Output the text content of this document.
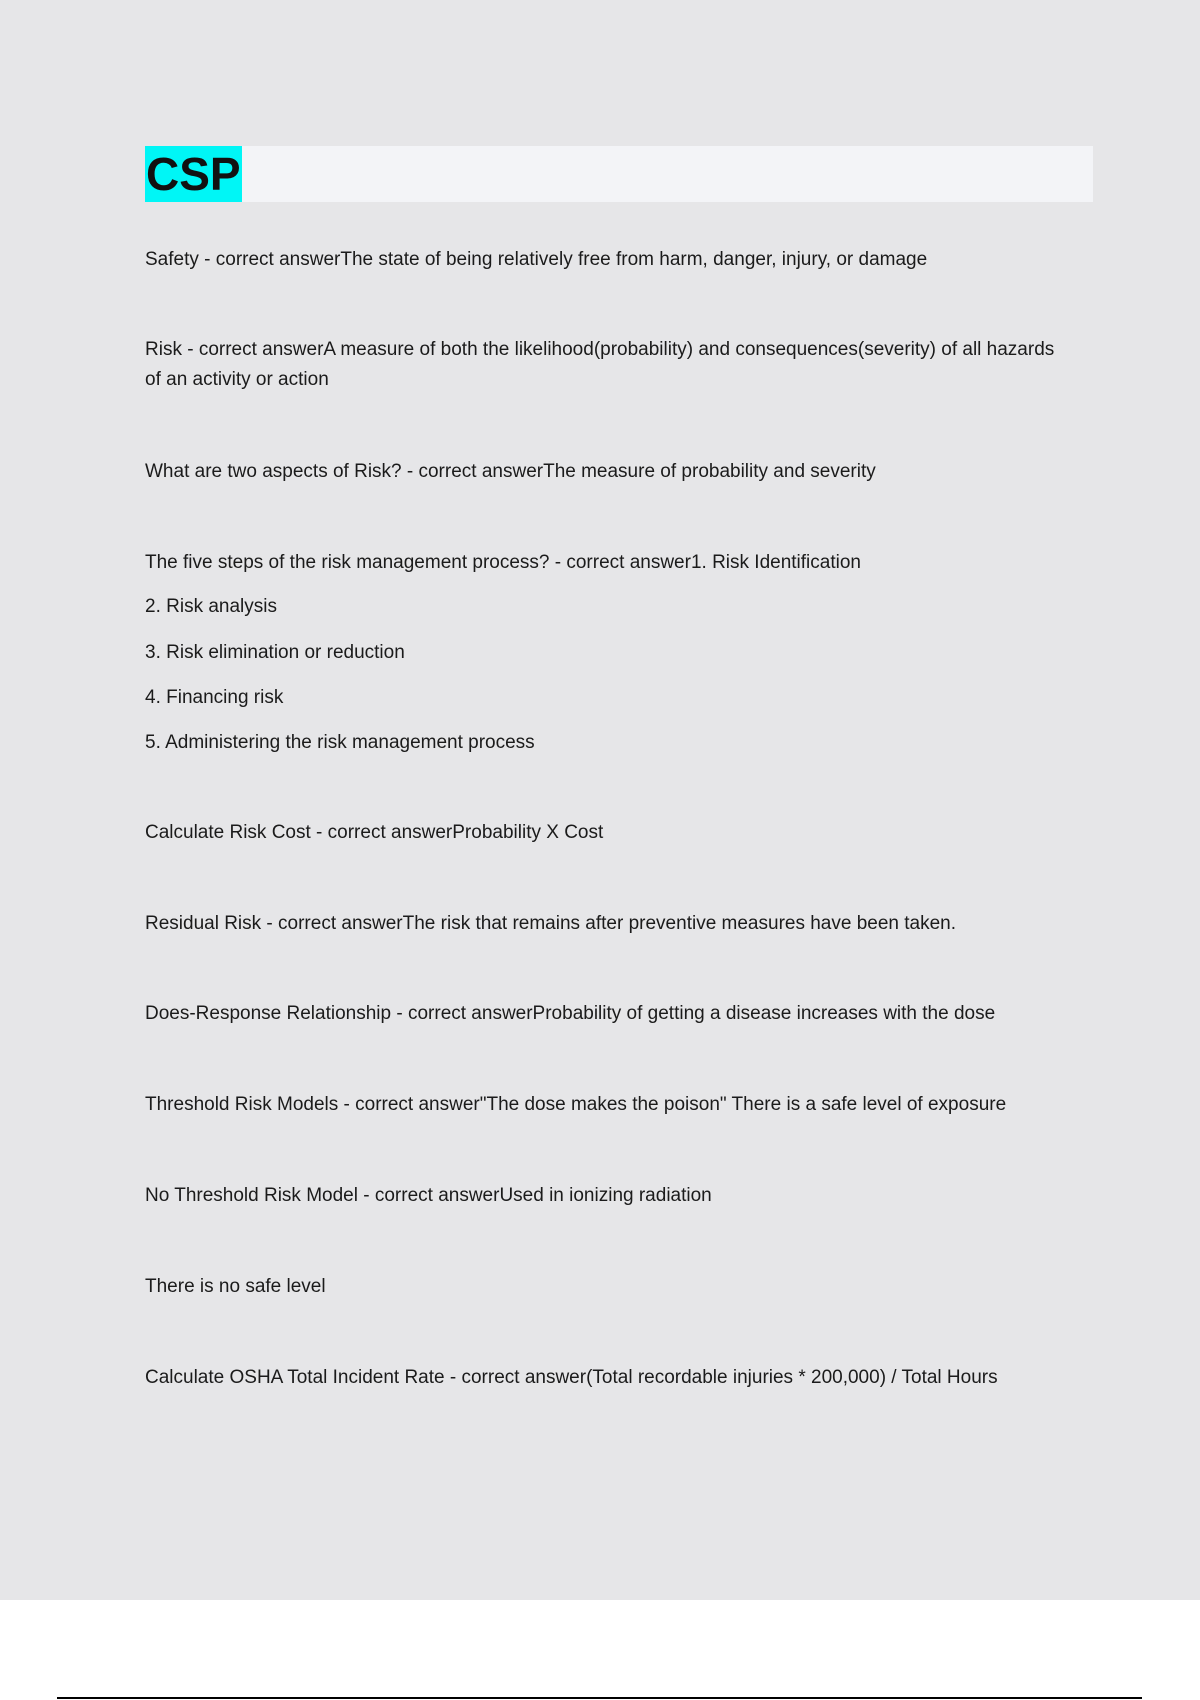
CSP

Safety - correct answerThe state of being relatively free from harm, danger, injury, or damage

Risk - correct answerA measure of both the likelihood(probability) and consequences(severity) of all hazards of an activity or action

What are two aspects of Risk? - correct answerThe measure of probability and severity

The five steps of the risk management process? - correct answer1. Risk Identification

2. Risk analysis

3. Risk elimination or reduction

4. Financing risk

5. Administering the risk management process

Calculate Risk Cost - correct answerProbability X Cost

Residual Risk - correct answerThe risk that remains after preventive measures have been taken.

Does-Response Relationship - correct answerProbability of getting a disease increases with the dose

Threshold Risk Models - correct answer"The dose makes the poison" There is a safe level of exposure

No Threshold Risk Model - correct answerUsed in ionizing radiation

There is no safe level

Calculate OSHA Total Incident Rate - correct answer(Total recordable injuries * 200,000) / Total Hours
